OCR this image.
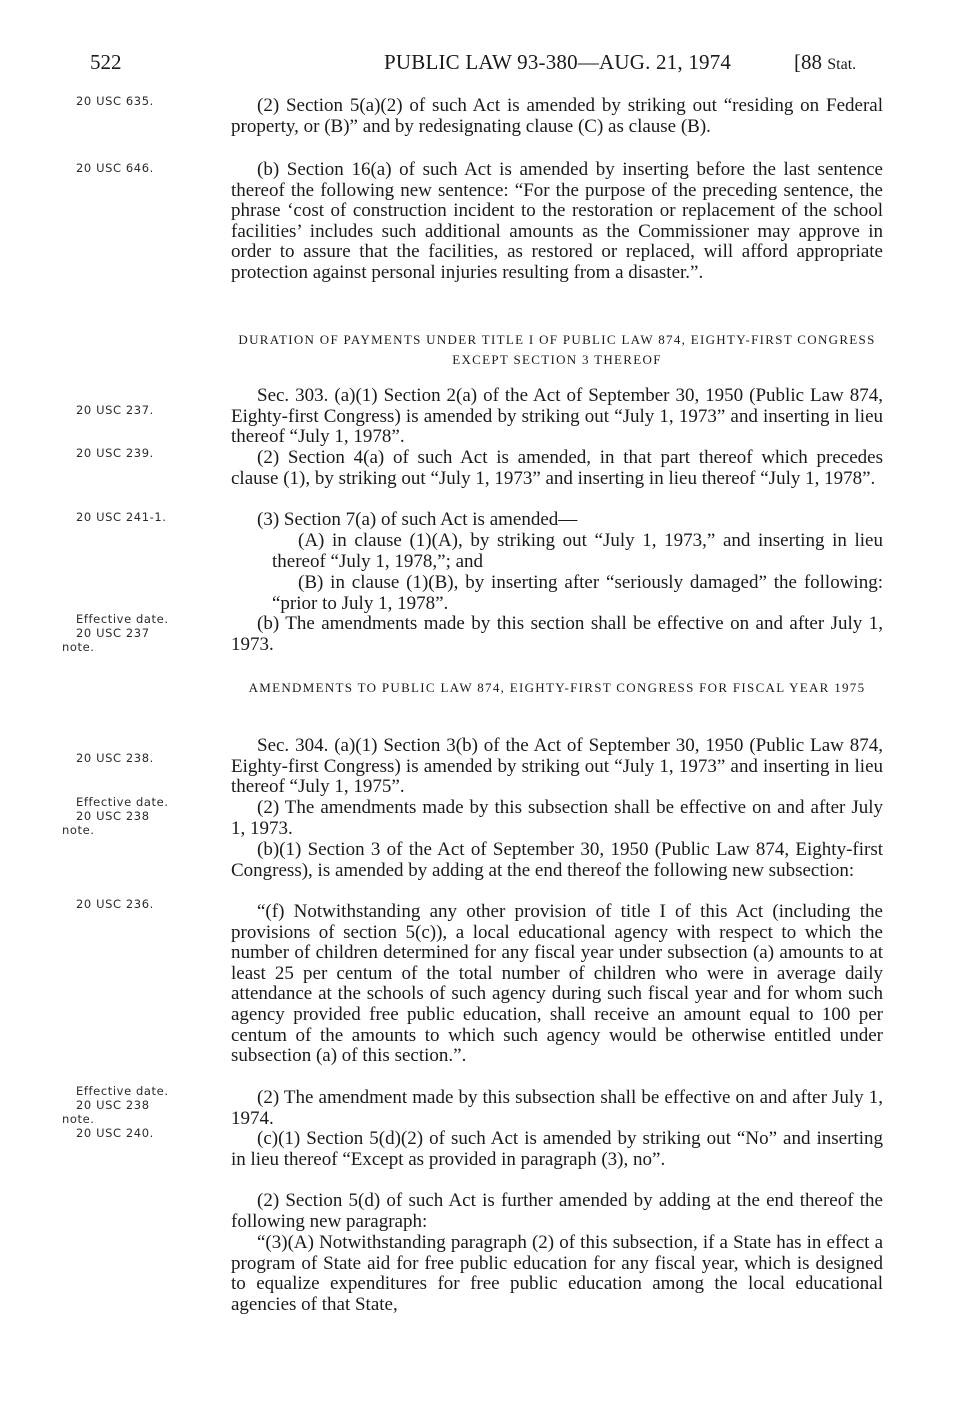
522	PUBLIC LAW 93-380—AUG. 21, 1974	[88 Stat.
20 USC 635.
20 USC 646.
20 USC 237.
20 USC 239.
20 USC 241-1.
Effective date.
20 USC 237
note.
20 USC 238.
Effective date.
20 USC 238
note.
20 USC 236.
Effective date.
20 USC 238
note.
20 USC 240.

(2) Section 5(a)(2) of such Act is amended by striking out “residing on Federal property, or (B)” and by redesignating clause (C) as clause (B).

(b) Section 16(a) of such Act is amended by inserting before the last sentence thereof the following new sentence: “For the purpose of the preceding sentence, the phrase ‘cost of construction incident to the restoration or replacement of the school facilities’ includes such additional amounts as the Commissioner may approve in order to assure that the facilities, as restored or replaced, will afford appropriate protection against personal injuries resulting from a disaster.”.

DURATION OF PAYMENTS UNDER TITLE I OF PUBLIC LAW 874, EIGHTY-FIRST CONGRESS EXCEPT SECTION 3 THEREOF

Sec. 303. (a)(1) Section 2(a) of the Act of September 30, 1950 (Public Law 874, Eighty-first Congress) is amended by striking out “July 1, 1973” and inserting in lieu thereof “July 1, 1978”.

(2) Section 4(a) of such Act is amended, in that part thereof which precedes clause (1), by striking out “July 1, 1973” and inserting in lieu thereof “July 1, 1978”.

(3) Section 7(a) of such Act is amended—

(A) in clause (1)(A), by striking out “July 1, 1973,” and inserting in lieu thereof “July 1, 1978,”; and

(B) in clause (1)(B), by inserting after “seriously damaged” the following: “prior to July 1, 1978”.

(b) The amendments made by this section shall be effective on and after July 1, 1973.

AMENDMENTS TO PUBLIC LAW 874, EIGHTY-FIRST CONGRESS FOR FISCAL YEAR 1975

Sec. 304. (a)(1) Section 3(b) of the Act of September 30, 1950 (Public Law 874, Eighty-first Congress) is amended by striking out “July 1, 1973” and inserting in lieu thereof “July 1, 1975”.

(2) The amendments made by this subsection shall be effective on and after July 1, 1973.

(b)(1) Section 3 of the Act of September 30, 1950 (Public Law 874, Eighty-first Congress), is amended by adding at the end thereof the following new subsection:

“(f) Notwithstanding any other provision of title I of this Act (including the provisions of section 5(c)), a local educational agency with respect to which the number of children determined for any fiscal year under subsection (a) amounts to at least 25 per centum of the total number of children who were in average daily attendance at the schools of such agency during such fiscal year and for whom such agency provided free public education, shall receive an amount equal to 100 per centum of the amounts to which such agency would be otherwise entitled under subsection (a) of this section.”.

(2) The amendment made by this subsection shall be effective on and after July 1, 1974.

(c)(1) Section 5(d)(2) of such Act is amended by striking out “No” and inserting in lieu thereof “Except as provided in paragraph (3), no”.

(2) Section 5(d) of such Act is further amended by adding at the end thereof the following new paragraph:

“(3)(A) Notwithstanding paragraph (2) of this subsection, if a State has in effect a program of State aid for free public education for any fiscal year, which is designed to equalize expenditures for free public education among the local educational agencies of that State,
